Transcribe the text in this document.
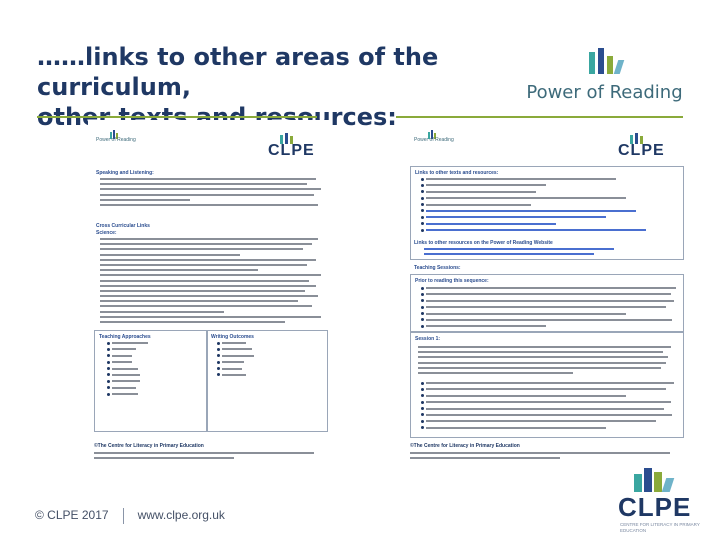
……links to other areas of the curriculum,
other resources:
Power of Reading
Power of Reading
CLPE
Speaking and Listening:
Cross Curricular Links
Science:
Teaching Approaches	Writing Outcomes
©The Centre for Literacy in Primary Education
Power of Reading
CLPE
Links to other texts and resources:
Links to other resources on the Power of Reading Website
Teaching Sessions:
Prior to reading this sequence:
Session 1:
©The Centre for Literacy in Primary Education
© CLPE 2017 www.clpe.org.uk	CLPE
CENTRE FOR LITERACY IN PRIMARY EDUCATION
